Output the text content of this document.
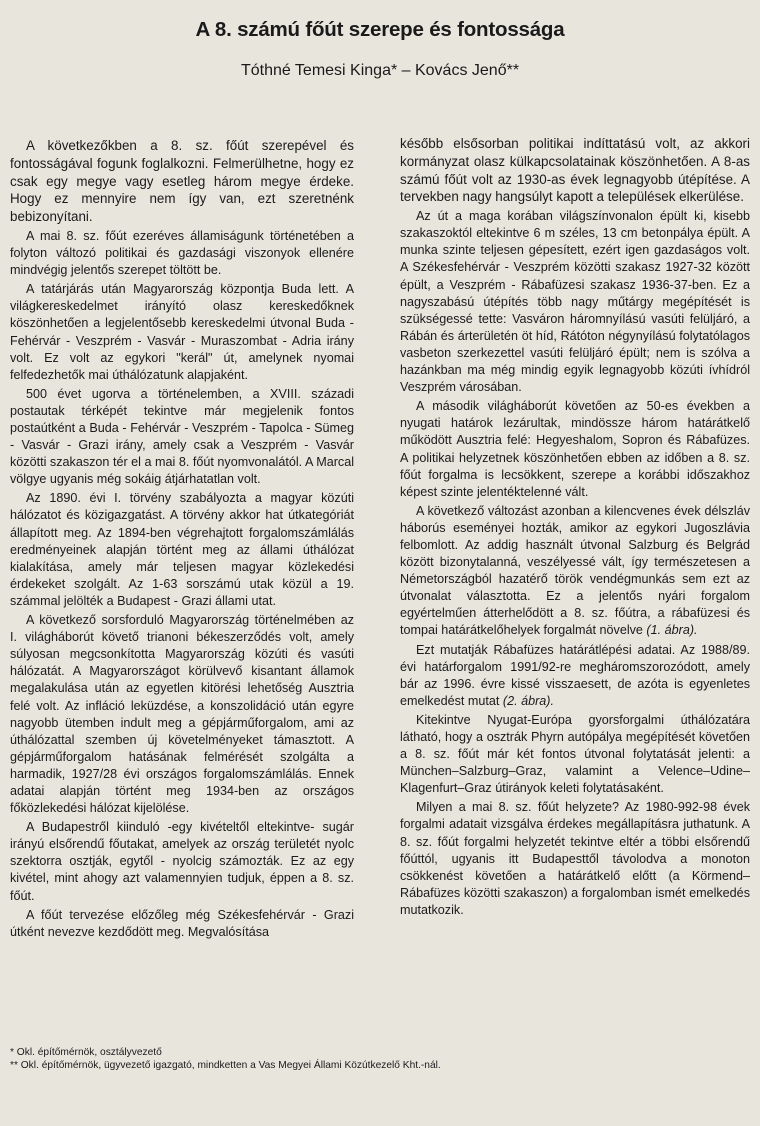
A 8. számú főút szerepe és fontossága

Tóthné Temesi Kinga* – Kovács Jenő**

A következőkben a 8. sz. főút szerepével és fontosságával fogunk foglalkozni. Felmerülhetne, hogy ez csak egy megye vagy esetleg három megye érdeke. Hogy ez mennyire nem így van, ezt szeretnénk bebizonyítani.

A mai 8. sz. főút ezeréves államiságunk történetében a folyton változó politikai és gazdasági viszonyok ellenére mindvégig jelentős szerepet töltött be.

A tatárjárás után Magyarország központja Buda lett. A világkereskedelmet irányító olasz kereskedőknek köszönhetően a legjelentősebb kereskedelmi útvonal Buda - Fehérvár - Veszprém - Vasvár - Muraszombat - Adria irány volt. Ez volt az egykori "kerál" út, amelynek nyomai felfedezhetők mai úthálózatunk alapjaként.

500 évet ugorva a történelemben, a XVIII. századi postautak térképét tekintve már megjelenik fontos postaútként a Buda - Fehérvár - Veszprém - Tapolca - Sümeg - Vasvár - Grazi irány, amely csak a Veszprém - Vasvár közötti szakaszon tér el a mai 8. főút nyomvonalától. A Marcal völgye ugyanis még sokáig átjárhatatlan volt.

Az 1890. évi I. törvény szabályozta a magyar közúti hálózatot és közigazgatást. A törvény akkor hat útkategóriát állapított meg. Az 1894-ben végrehajtott forgalomszámlálás eredményeinek alapján történt meg az állami úthálózat kialakítása, amely már teljesen magyar közlekedési érdekeket szolgált. Az 1-63 sorszámú utak közül a 19. számmal jelölték a Budapest - Grazi állami utat.

A következő sorsforduló Magyarország történelmében az I. világháborút követő trianoni békeszerződés volt, amely súlyosan megcsonkította Magyarország közúti és vasúti hálózatát. A Magyarországot körülvevő kisantant államok megalakulása után az egyetlen kitörési lehetőség Ausztria felé volt. Az infláció leküzdése, a konszolidáció után egyre nagyobb ütemben indult meg a gépjárműforgalom, ami az úthálózattal szemben új követelményeket támasztott. A gépjárműforgalom hatásának felmérését szolgálta a harmadik, 1927/28 évi országos forgalomszámlálás. Ennek adatai alapján történt meg 1934-ben az országos főközlekedési hálózat kijelölése.

A Budapestről kiinduló -egy kivételtől eltekintve- sugár irányú elsőrendű főutakat, amelyek az ország területét nyolc szektorra osztják, egytől - nyolcig számozták. Ez az egy kivétel, mint ahogy azt valamennyien tudjuk, éppen a 8. sz. főút.

A főút tervezése előzőleg még Székesfehérvár - Grazi útként nevezve kezdődött meg. Megvalósítása

később elsősorban politikai indíttatású volt, az akkori kormányzat olasz külkapcsolatainak köszönhetően. A 8-as számú főút volt az 1930-as évek legnagyobb útépítése. A tervekben nagy hangsúlyt kapott a települések elkerülése.

Az út a maga korában világszínvonalon épült ki, kisebb szakaszoktól eltekintve 6 m széles, 13 cm betonpálya épült. A munka szinte teljesen gépesített, ezért igen gazdaságos volt. A Székesfehérvár - Veszprém közötti szakasz 1927-32 között épült, a Veszprém - Rábafüzesi szakasz 1936-37-ben. Ez a nagyszabású útépítés több nagy műtárgy megépítését is szükségessé tette: Vasváron háromnyílású vasúti felüljáró, a Rábán és árterületén öt híd, Rátóton négynyílású folytatólagos vasbeton szerkezettel vasúti felüljáró épült; nem is szólva a hazánkban ma még mindig egyik legnagyobb közúti ívhídról Veszprém városában.

A második világháborút követően az 50-es években a nyugati határok lezárultak, mindössze három határátkelő működött Ausztria felé: Hegyeshalom, Sopron és Rábafüzes. A politikai helyzetnek köszönhetően ebben az időben a 8. sz. főút forgalma is lecsökkent, szerepe a korábbi időszakhoz képest szinte jelentéktelenné vált.

A következő változást azonban a kilencvenes évek délszláv háborús eseményei hozták, amikor az egykori Jugoszlávia felbomlott. Az addig használt útvonal Salzburg és Belgrád között bizonytalanná, veszélyessé vált, így természetesen a Németországból hazatérő török vendégmunkás sem ezt az útvonalat választotta. Ez a jelentős nyári forgalom egyértelműen átterhelődött a 8. sz. főútra, a rábafüzesi és tompai határátkelőhelyek forgalmát növelve (1. ábra).

Ezt mutatják Rábafüzes határátlépési adatai. Az 1988/89. évi határforgalom 1991/92-re megháromszorozódott, amely bár az 1996. évre kissé visszaesett, de azóta is egyenletes emelkedést mutat (2. ábra).

Kitekintve Nyugat-Európa gyorsforgalmi úthálózatára látható, hogy a osztrák Phyrn autópálya megépítését követően a 8. sz. főút már két fontos útvonal folytatását jelenti: a München–Salzburg–Graz, valamint a Velence–Udine–Klagenfurt–Graz útirányok keleti folytatásaként.

Milyen a mai 8. sz. főút helyzete? Az 1980-992-98 évek forgalmi adatait vizsgálva érdekes megállapításra juthatunk. A 8. sz. főút forgalmi helyzetét tekintve eltér a többi elsőrendű főúttól, ugyanis itt Budapesttől távolodva a monoton csökkenést követően a határátkelő előtt (a Körmend–Rábafüzes közötti szakaszon) a forgalomban ismét emelkedés mutatkozik.

* Okl. építőmérnök, osztályvezető

** Okl. építőmérnök, ügyvezető igazgató, mindketten a Vas Megyei Állami Közútkezelő Kht.-nál.
